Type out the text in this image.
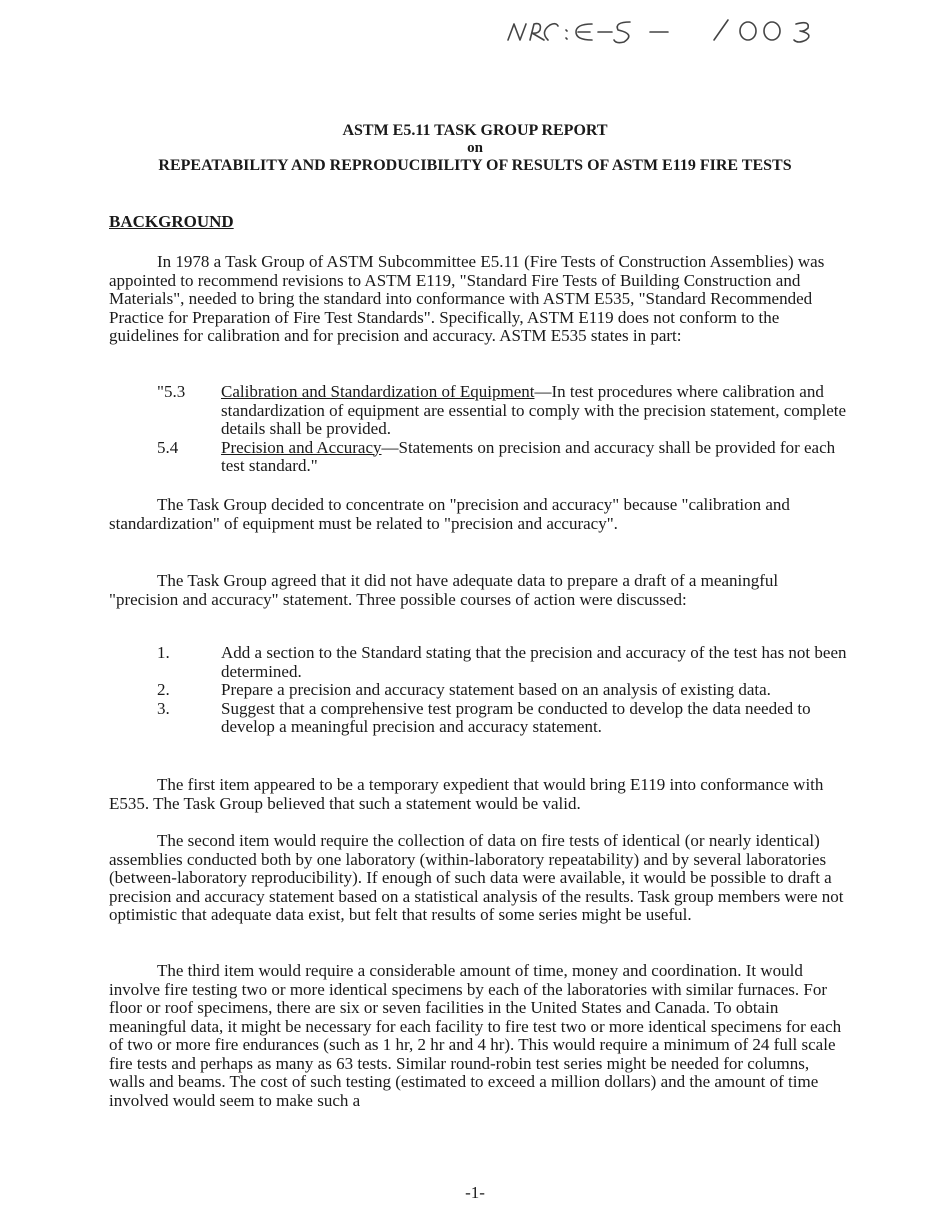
ASTM E5.11 TASK GROUP REPORT
on
REPEATABILITY AND REPRODUCIBILITY OF RESULTS OF ASTM E119 FIRE TESTS
BACKGROUND
In 1978 a Task Group of ASTM Subcommittee E5.11 (Fire Tests of Construction Assemblies) was appointed to recommend revisions to ASTM E119, "Standard Fire Tests of Building Construction and Materials", needed to bring the standard into conformance with ASTM E535, "Standard Recommended Practice for Preparation of Fire Test Standards". Specifically, ASTM E119 does not conform to the guidelines for calibration and for precision and accuracy. ASTM E535 states in part:
"5.3	Calibration and Standardization of Equipment—In test procedures where calibration and standardization of equipment are essential to comply with the precision statement, complete details shall be provided.
5.4	Precision and Accuracy—Statements on precision and accuracy shall be provided for each test standard."
The Task Group decided to concentrate on "precision and accuracy" because "calibration and standardization" of equipment must be related to "precision and accuracy".
The Task Group agreed that it did not have adequate data to prepare a draft of a meaningful "precision and accuracy" statement. Three possible courses of action were discussed:
1.	Add a section to the Standard stating that the precision and accuracy of the test has not been determined.
2.	Prepare a precision and accuracy statement based on an analysis of existing data.
3.	Suggest that a comprehensive test program be conducted to develop the data needed to develop a meaningful precision and accuracy statement.
The first item appeared to be a temporary expedient that would bring E119 into conformance with E535. The Task Group believed that such a statement would be valid.
The second item would require the collection of data on fire tests of identical (or nearly identical) assemblies conducted both by one laboratory (within-laboratory repeatability) and by several laboratories (between-laboratory reproducibility). If enough of such data were available, it would be possible to draft a precision and accuracy statement based on a statistical analysis of the results. Task group members were not optimistic that adequate data exist, but felt that results of some series might be useful.
The third item would require a considerable amount of time, money and coordination. It would involve fire testing two or more identical specimens by each of the laboratories with similar furnaces. For floor or roof specimens, there are six or seven facilities in the United States and Canada. To obtain meaningful data, it might be necessary for each facility to fire test two or more identical specimens for each of two or more fire endurances (such as 1 hr, 2 hr and 4 hr). This would require a minimum of 24 full scale fire tests and perhaps as many as 63 tests. Similar round-robin test series might be needed for columns, walls and beams. The cost of such testing (estimated to exceed a million dollars) and the amount of time involved would seem to make such a
-1-
